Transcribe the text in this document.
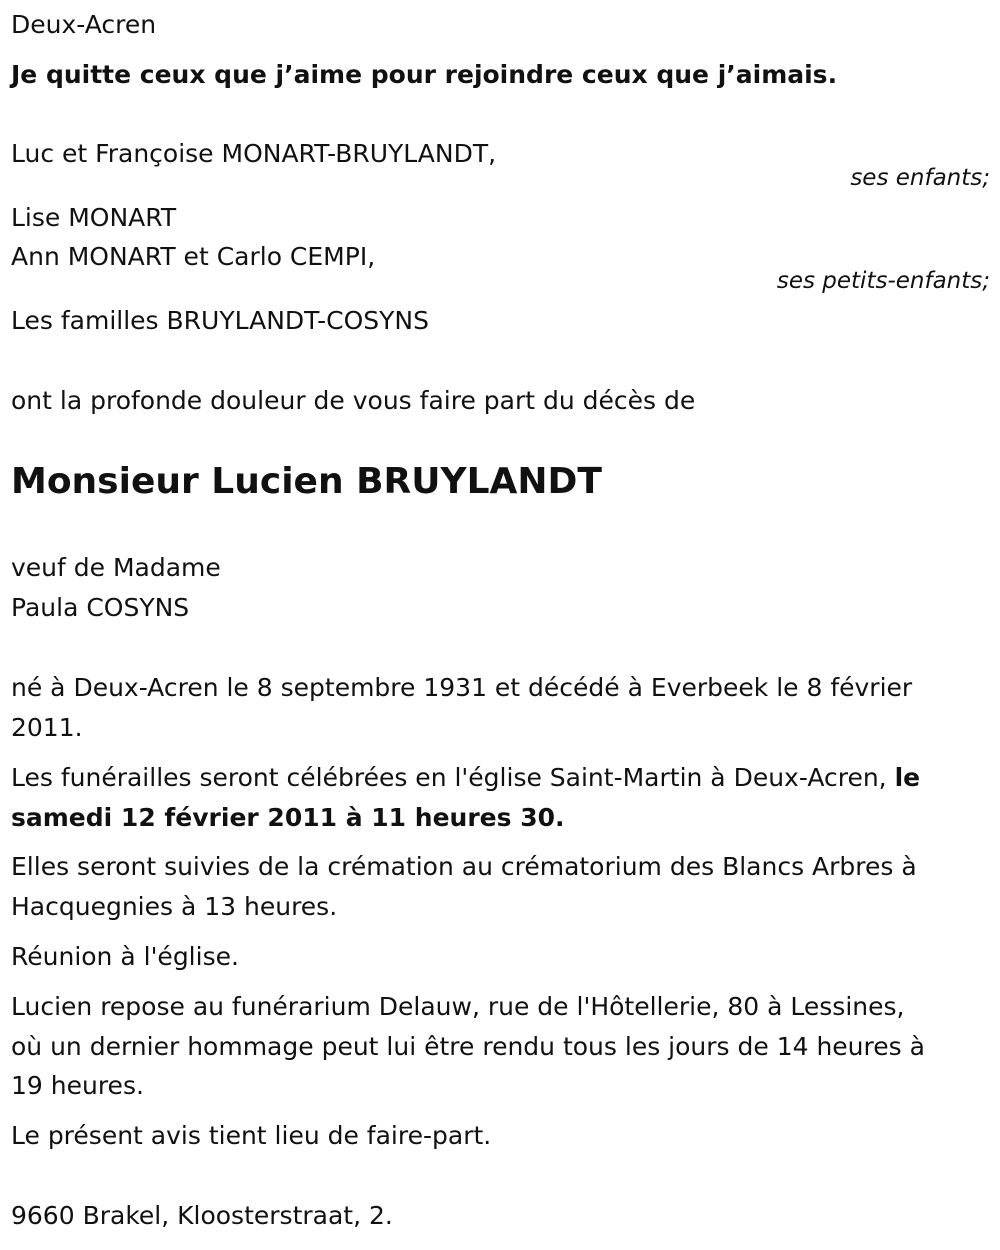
Deux-Acren
Je quitte ceux que j’aime pour rejoindre ceux que j’aimais.
Luc et Françoise MONART-BRUYLANDT,
ses enfants;
Lise MONART
Ann MONART et Carlo CEMPI,
ses petits-enfants;
Les familles BRUYLANDT-COSYNS
ont la profonde douleur de vous faire part du décès de
Monsieur Lucien BRUYLANDT
veuf de Madame
Paula COSYNS
né à Deux-Acren le 8 septembre 1931 et décédé à Everbeek le 8 février
2011.
Les funérailles seront célébrées en l'église Saint-Martin à Deux-Acren, le
samedi 12 février 2011 à 11 heures 30.
Elles seront suivies de la crémation au crématorium des Blancs Arbres à
Hacquegnies à 13 heures.
Réunion à l'église.
Lucien repose au funérarium Delauw, rue de l'Hôtellerie, 80 à Lessines,
où un dernier hommage peut lui être rendu tous les jours de 14 heures à
19 heures.
Le présent avis tient lieu de faire-part.
9660 Brakel, Kloosterstraat, 2.
